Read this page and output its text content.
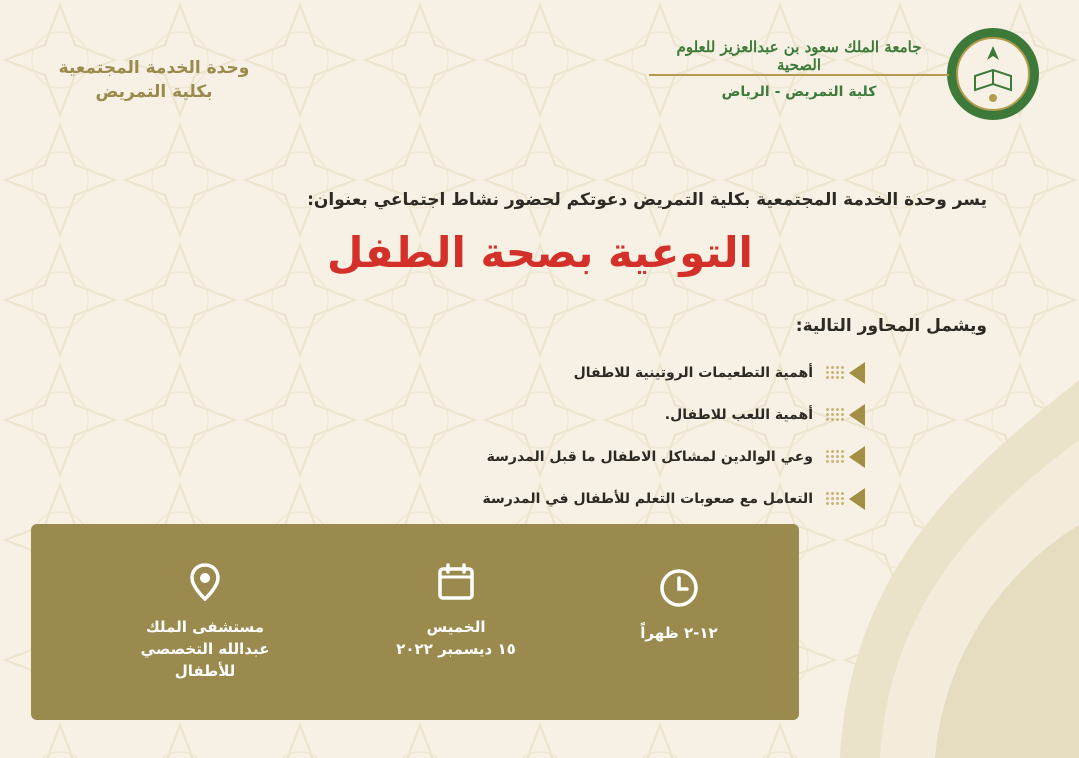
وحدة الخدمة المجتمعية
بكلية التمريض
جامعة الملك سعود بن عبدالعزيز للعلوم الصحية
كلية التمريض - الرياض
يسر وحدة الخدمة المجتمعية بكلية التمريض دعوتكم لحضور نشاط اجتماعي بعنوان:
التوعية بصحة الطفل
ويشمل المحاور التالية:
أهمية التطعيمات الروتينية للاطفال
أهمية اللعب للاطفال.
وعي الوالدين لمشاكل الاطفال ما قبل المدرسة
التعامل مع صعوبات التعلم للأطفال في المدرسة
١٢-٢ ظهراً
الخميس
١٥ ديسمبر ٢٠٢٢
مستشفى الملك
عبدالله التخصصي
للأطفال
